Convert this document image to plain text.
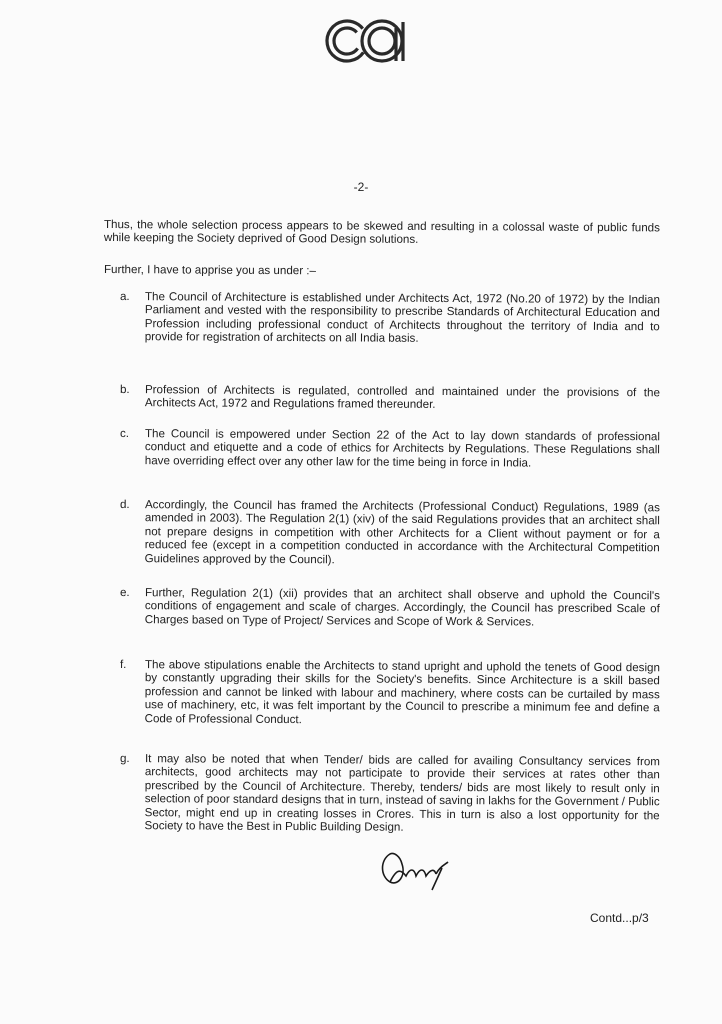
-2-
Thus, the whole selection process appears to be skewed and resulting in a colossal waste of public funds while keeping the Society deprived of Good Design solutions.
Further, I have to apprise you as under :–
a.	The Council of Architecture is established under Architects Act, 1972 (No.20 of 1972) by the Indian Parliament and vested with the responsibility to prescribe Standards of Architectural Education and Profession including professional conduct of Architects throughout the territory of India and to provide for registration of architects on all India basis.
b.	Profession of Architects is regulated, controlled and maintained under the provisions of the Architects Act, 1972 and Regulations framed thereunder.
c.	The Council is empowered under Section 22 of the Act to lay down standards of professional conduct and etiquette and a code of ethics for Architects by Regulations. These Regulations shall have overriding effect over any other law for the time being in force in India.
d.	Accordingly, the Council has framed the Architects (Professional Conduct) Regulations, 1989 (as amended in 2003). The Regulation 2(1) (xiv) of the said Regulations provides that an architect shall not prepare designs in competition with other Architects for a Client without payment or for a reduced fee (except in a competition conducted in accordance with the Architectural Competition Guidelines approved by the Council).
e.	Further, Regulation 2(1) (xii) provides that an architect shall observe and uphold the Council's conditions of engagement and scale of charges. Accordingly, the Council has prescribed Scale of Charges based on Type of Project/ Services and Scope of Work & Services.
f.	The above stipulations enable the Architects to stand upright and uphold the tenets of Good design by constantly upgrading their skills for the Society's benefits. Since Architecture is a skill based profession and cannot be linked with labour and machinery, where costs can be curtailed by mass use of machinery, etc, it was felt important by the Council to prescribe a minimum fee and define a Code of Professional Conduct.
g.	It may also be noted that when Tender/ bids are called for availing Consultancy services from architects, good architects may not participate to provide their services at rates other than prescribed by the Council of Architecture. Thereby, tenders/ bids are most likely to result only in selection of poor standard designs that in turn, instead of saving in lakhs for the Government / Public Sector, might end up in creating losses in Crores. This in turn is also a lost opportunity for the Society to have the Best in Public Building Design.
Contd...p/3
